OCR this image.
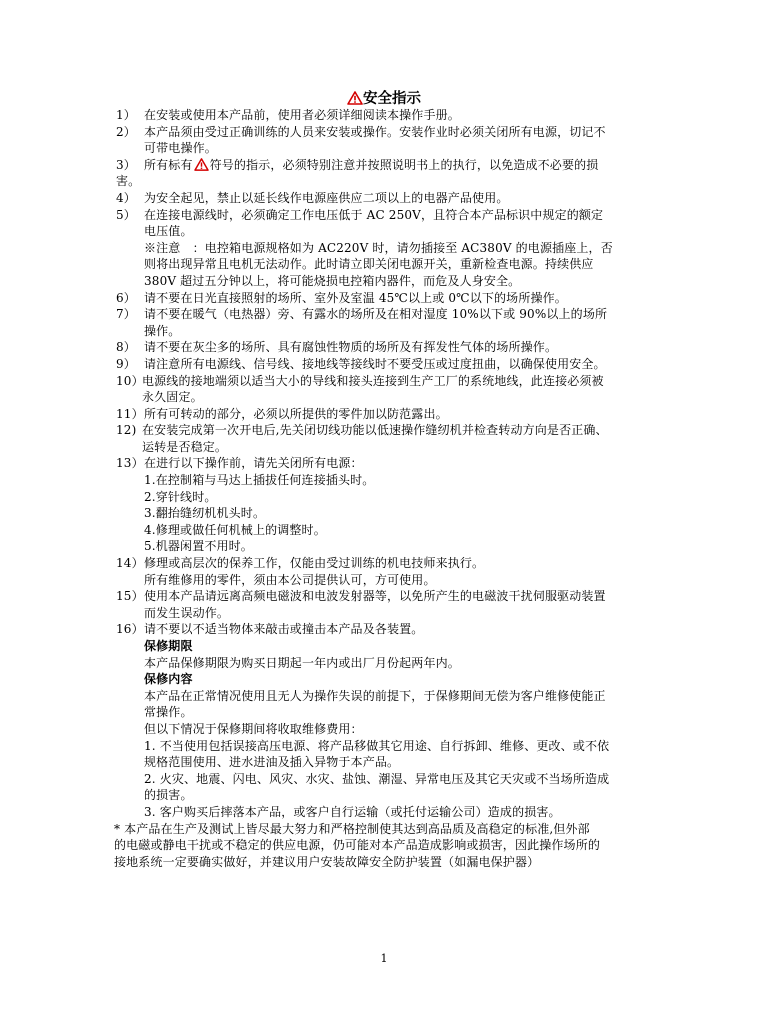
安全指示
1） 在安装或使用本产品前，使用者必须详细阅读本操作手册。
2） 本产品须由受过正确训练的人员来安装或操作。安装作业时必须关闭所有电源，切记不
可带电操作。
3） 所有标有 符号的指示，必须特别注意并按照说明书上的执行，以免造成不必要的损
害。
4） 为安全起见，禁止以延长线作电源座供应二项以上的电器产品使用。
5） 在连接电源线时，必须确定工作电压低于 AC 250V，且符合本产品标识中规定的额定
电压值。
※注意　：电控箱电源规格如为 AC220V 时，请勿插接至 AC380V 的电源插座上，否
则将出现异常且电机无法动作。此时请立即关闭电源开关，重新检查电源。持续供应
380V 超过五分钟以上，将可能烧损电控箱内器件，而危及人身安全。
6） 请不要在日光直接照射的场所、室外及室温 45℃以上或 0℃以下的场所操作。
7） 请不要在暖气（电热器）旁、有露水的场所及在相对湿度 10%以下或 90%以上的场所
操作。
8） 请不要在灰尘多的场所、具有腐蚀性物质的场所及有挥发性气体的场所操作。
9） 请注意所有电源线、信号线、接地线等接线时不要受压或过度扭曲，以确保使用安全。
10）
电源线的接地端须以适当大小的导线和接头连接到生产工厂的系统地线，此连接必须被
永久固定。
11） 所有可转动的部分，必须以所提供的零件加以防范露出。
12) 在安装完成第一次开电后,先关闭切线功能以低速操作缝纫机并检查转动方向是否正确、
运转是否稳定。
13） 在进行以下操作前，请先关闭所有电源：
1.在控制箱与马达上插拔任何连接插头时。
2.穿针线时。
3.翻抬缝纫机机头时。
4.修理或做任何机械上的调整时。
5.机器闲置不用时。
14） 修理或高层次的保养工作，仅能由受过训练的机电技师来执行。
所有维修用的零件，须由本公司提供认可，方可使用。
15） 使用本产品请远离高频电磁波和电波发射器等，以免所产生的电磁波干扰伺服驱动装置
而发生误动作。
16） 请不要以不适当物体来敲击或撞击本产品及各装置。
保修期限
本产品保修期限为购买日期起一年内或出厂月份起两年内。
保修内容
本产品在正常情况使用且无人为操作失误的前提下，于保修期间无偿为客户维修使能正
常操作。
但以下情况于保修期间将收取维修费用：
1. 不当使用包括误接高压电源、将产品移做其它用途、自行拆卸、维修、更改、或不依
规格范围使用、进水进油及插入异物于本产品。
2. 火灾、地震、闪电、风灾、水灾、盐蚀、潮湿、异常电压及其它天灾或不当场所造成
的损害。
3. 客户购买后摔落本产品，或客户自行运输（或托付运输公司）造成的损害。
* 本产品在生产及测试上皆尽最大努力和严格控制使其达到高品质及高稳定的标准,但外部
的电磁或静电干扰或不稳定的供应电源，仍可能对本产品造成影响或损害，因此操作场所的
接地系统一定要确实做好，并建议用户安装故障安全防护装置（如漏电保护器）
1
